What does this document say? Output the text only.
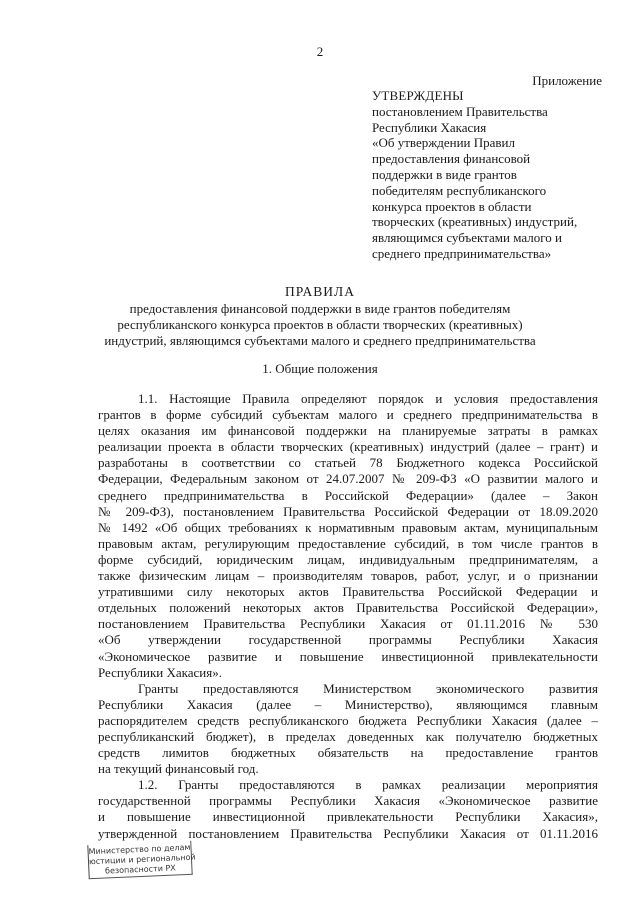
2
Приложение
УТВЕРЖДЕНЫ
постановлением Правительства
Республики Хакасия
«Об утверждении Правил
предоставления финансовой
поддержки в виде грантов
победителям республиканского
конкурса проектов в области
творческих (креативных) индустрий,
являющимся субъектами малого и
среднего предпринимательства»
ПРАВИЛА
предоставления финансовой поддержки в виде грантов победителям
республиканского конкурса проектов в области творческих (креативных)
индустрий, являющимся субъектами малого и среднего предпринимательства
1. Общие положения
1.1. Настоящие Правила определяют порядок и условия предоставления
грантов в форме субсидий субъектам малого и среднего предпринимательства в
целях оказания им финансовой поддержки на планируемые затраты в рамках
реализации проекта в области творческих (креативных) индустрий (далее – грант) и
разработаны в соответствии со статьей 78 Бюджетного кодекса Российской
Федерации, Федеральным законом от 24.07.2007 № 209-ФЗ «О развитии малого и
среднего предпринимательства в Российской Федерации» (далее – Закон
№ 209-ФЗ), постановлением Правительства Российской Федерации от 18.09.2020
№ 1492 «Об общих требованиях к нормативным правовым актам, муниципальным
правовым актам, регулирующим предоставление субсидий, в том числе грантов в
форме субсидий, юридическим лицам, индивидуальным предпринимателям, а
также физическим лицам – производителям товаров, работ, услуг, и о признании
утратившими силу некоторых актов Правительства Российской Федерации и
отдельных положений некоторых актов Правительства Российской Федерации»,
постановлением Правительства Республики Хакасия от 01.11.2016 № 530
«Об утверждении государственной программы Республики Хакасия
«Экономическое развитие и повышение инвестиционной привлекательности
Республики Хакасия».
Гранты предоставляются Министерством экономического развития
Республики Хакасия (далее – Министерство), являющимся главным
распорядителем средств республиканского бюджета Республики Хакасия (далее –
республиканский бюджет), в пределах доведенных как получателю бюджетных
средств лимитов бюджетных обязательств на предоставление грантов
на текущий финансовый год.
1.2. Гранты предоставляются в рамках реализации мероприятия
государственной программы Республики Хакасия «Экономическое развитие
и повышение инвестиционной привлекательности Республики Хакасия»,
утвержденной постановлением Правительства Республики Хакасия от 01.11.2016
Министерство по делам
юстиции и региональной
безопасности РХ
